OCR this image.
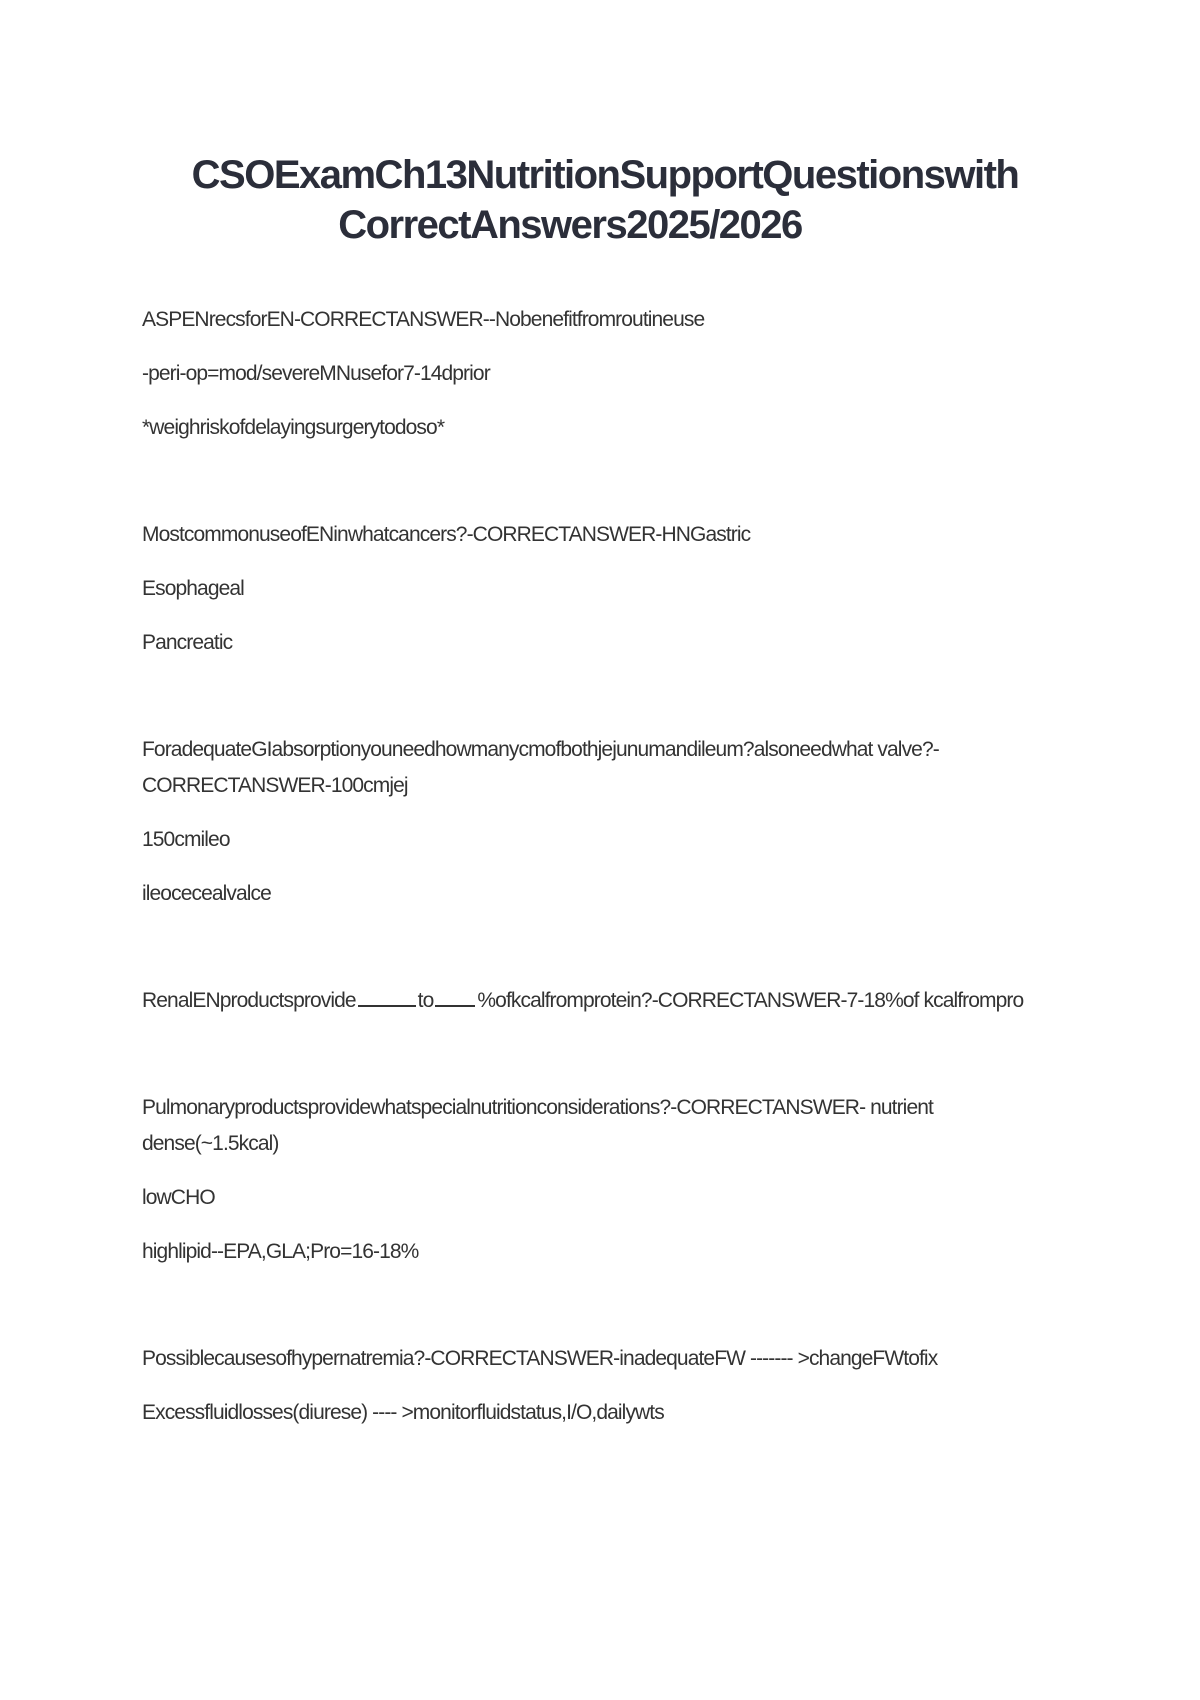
CSOExamCh13NutritionSupportQuestionswith
CorrectAnswers2025/2026

ASPENrecsforEN-CORRECTANSWER--Nobenefitfromroutineuse

-peri-op=mod/severeMNusefor7-14dprior

*weighriskofdelayingsurgerytodoso*

MostcommonuseofENinwhatcancers?-CORRECTANSWER-HNGastric

Esophageal

Pancreatic

ForadequateGIabsorptionyouneedhowmanycmofbothjejunumandileum?alsoneedwhat valve?-CORRECTANSWER-100cmjej

150cmileo

ileocecealvalce

RenalENproductsprovide	to %ofkcalfromprotein?-CORRECTANSWER-7-18%of kcalfrompro

Pulmonaryproductsprovidewhatspecialnutritionconsiderations?-CORRECTANSWER- nutrient dense(~1.5kcal)

lowCHO

highlipid--EPA,GLA;Pro=16-18%

Possiblecausesofhypernatremia?-CORRECTANSWER-inadequateFW ------- >changeFWtofix

Excessfluidlosses(diurese) ---- >monitorfluidstatus,I/O,dailywts
